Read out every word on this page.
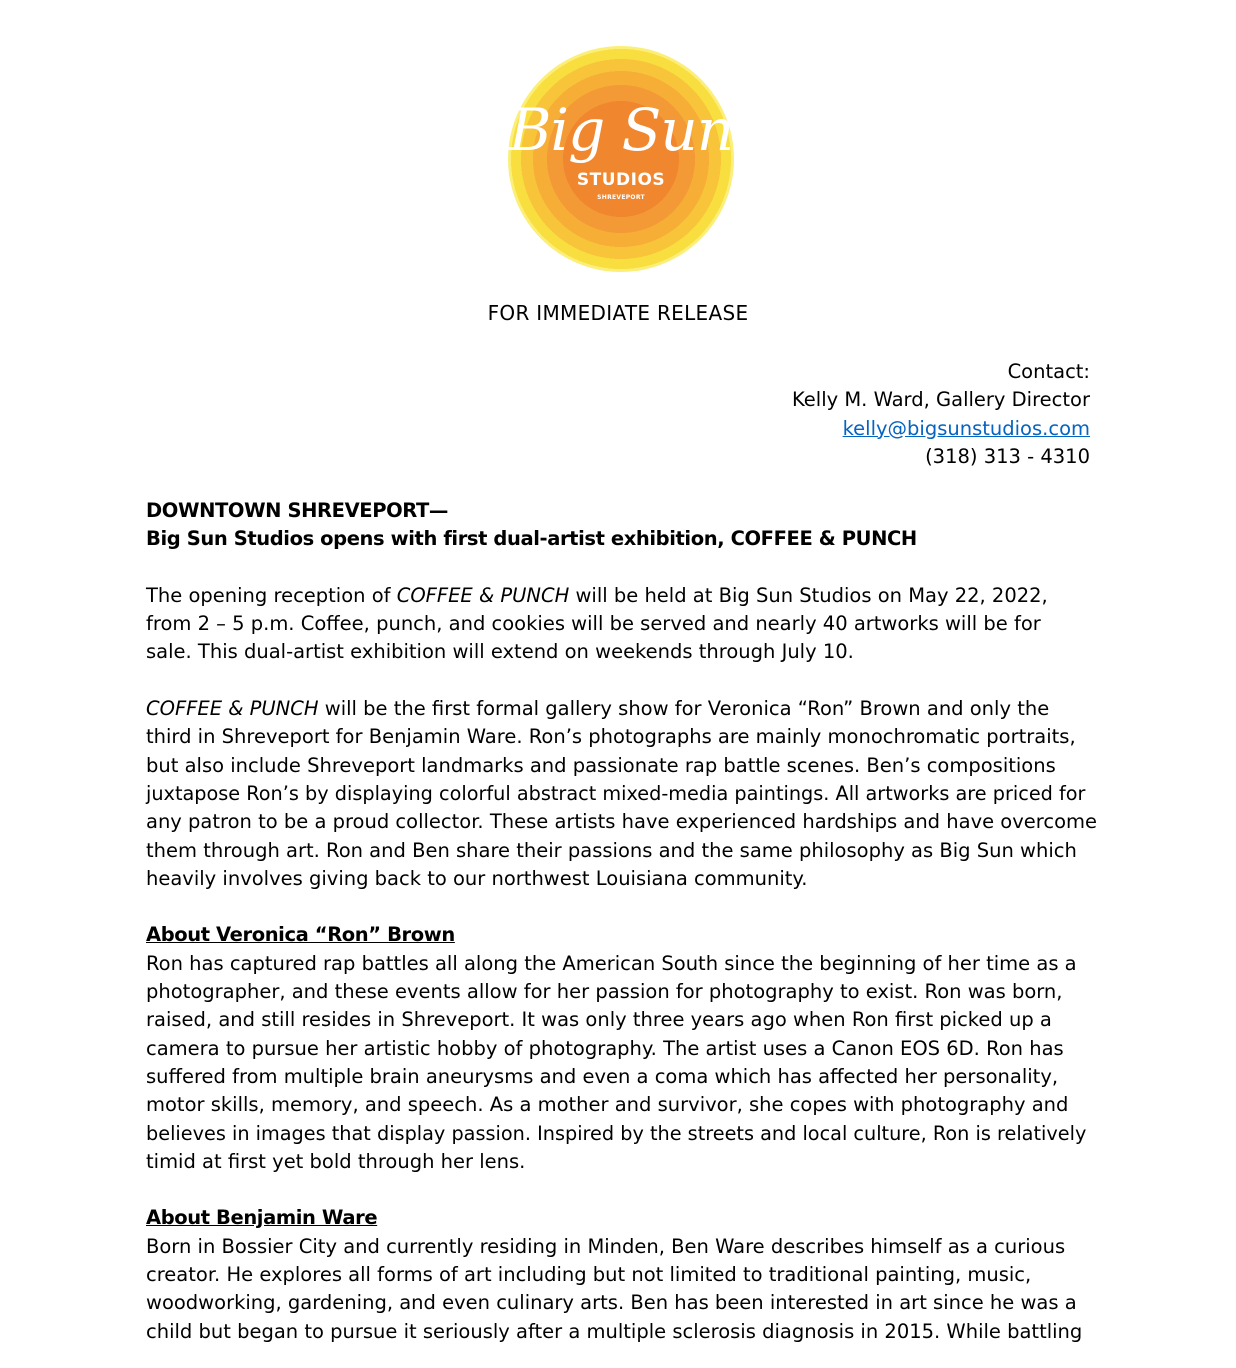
Big Sun
STUDIOS
SHREVEPORT
FOR IMMEDIATE RELEASE
Contact:
Kelly M. Ward, Gallery Director
kelly@bigsunstudios.com
(318) 313 - 4310
DOWNTOWN SHREVEPORT—
Big Sun Studios opens with first dual-artist exhibition, COFFEE & PUNCH
The opening reception of COFFEE & PUNCH will be held at Big Sun Studios on May 22, 2022,
from 2 – 5 p.m. Coffee, punch, and cookies will be served and nearly 40 artworks will be for
sale. This dual-artist exhibition will extend on weekends through July 10.
COFFEE & PUNCH will be the first formal gallery show for Veronica “Ron” Brown and only the
third in Shreveport for Benjamin Ware. Ron’s photographs are mainly monochromatic portraits,
but also include Shreveport landmarks and passionate rap battle scenes. Ben’s compositions
juxtapose Ron’s by displaying colorful abstract mixed-media paintings. All artworks are priced for
any patron to be a proud collector. These artists have experienced hardships and have overcome
them through art. Ron and Ben share their passions and the same philosophy as Big Sun which
heavily involves giving back to our northwest Louisiana community.
About Veronica “Ron” Brown
Ron has captured rap battles all along the American South since the beginning of her time as a
photographer, and these events allow for her passion for photography to exist. Ron was born,
raised, and still resides in Shreveport. It was only three years ago when Ron first picked up a
camera to pursue her artistic hobby of photography. The artist uses a Canon EOS 6D. Ron has
suffered from multiple brain aneurysms and even a coma which has affected her personality,
motor skills, memory, and speech. As a mother and survivor, she copes with photography and
believes in images that display passion. Inspired by the streets and local culture, Ron is relatively
timid at first yet bold through her lens.
About Benjamin Ware
Born in Bossier City and currently residing in Minden, Ben Ware describes himself as a curious
creator. He explores all forms of art including but not limited to traditional painting, music,
woodworking, gardening, and even culinary arts. Ben has been interested in art since he was a
child but began to pursue it seriously after a multiple sclerosis diagnosis in 2015. While battling
